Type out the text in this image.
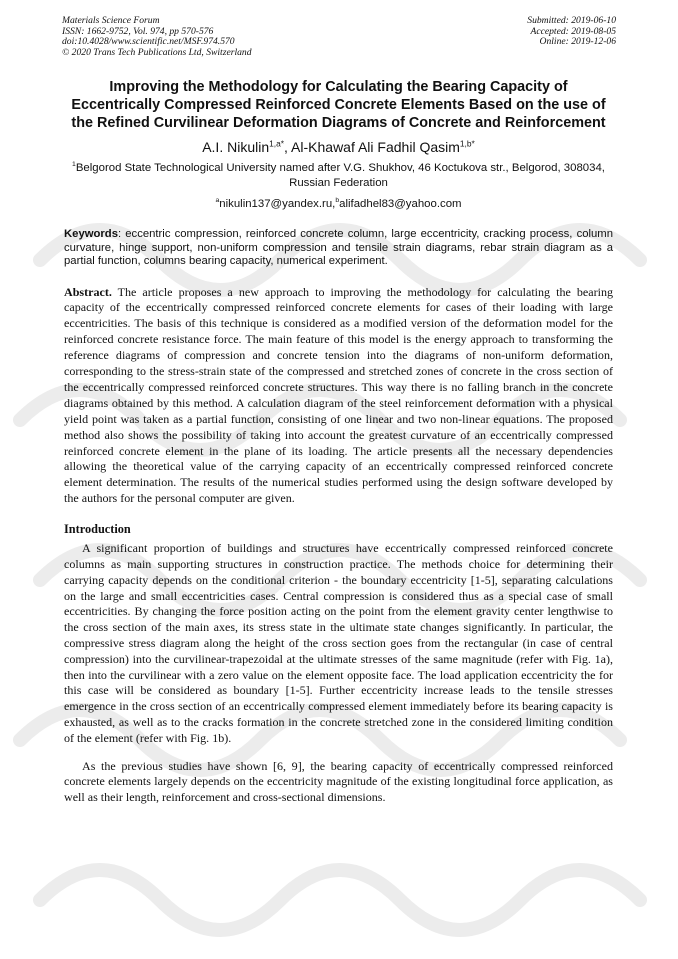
Materials Science Forum
ISSN: 1662-9752, Vol. 974, pp 570-576
doi:10.4028/www.scientific.net/MSF.974.570
© 2020 Trans Tech Publications Ltd, Switzerland
Submitted: 2019-06-10
Accepted: 2019-08-05
Online: 2019-12-06
Improving the Methodology for Calculating the Bearing Capacity of Eccentrically Compressed Reinforced Concrete Elements Based on the use of the Refined Curvilinear Deformation Diagrams of Concrete and Reinforcement
A.I. Nikulin$^{1,a*}$, Al-Khawaf Ali Fadhil Qasim$^{1,b*}$
$^1$Belgorod State Technological University named after V.G. Shukhov, 46 Koctukova str., Belgorod, 308034, Russian Federation
$^a$nikulin137@yandex.ru,$^b$alifadhel83@yahoo.com
Keywords: eccentric compression, reinforced concrete column, large eccentricity, cracking process, column curvature, hinge support, non-uniform compression and tensile strain diagrams, rebar strain diagram as a partial function, columns bearing capacity, numerical experiment.
Abstract. The article proposes a new approach to improving the methodology for calculating the bearing capacity of the eccentrically compressed reinforced concrete elements for cases of their loading with large eccentricities. The basis of this technique is considered as a modified version of the deformation model for the reinforced concrete resistance force. The main feature of this model is the energy approach to transforming the reference diagrams of compression and concrete tension into the diagrams of non-uniform deformation, corresponding to the stress-strain state of the compressed and stretched zones of concrete in the cross section of the eccentrically compressed reinforced concrete structures. This way there is no falling branch in the concrete diagrams obtained by this method. A calculation diagram of the steel reinforcement deformation with a physical yield point was taken as a partial function, consisting of one linear and two non-linear equations. The proposed method also shows the possibility of taking into account the greatest curvature of an eccentrically compressed reinforced concrete element in the plane of its loading. The article presents all the necessary dependencies allowing the theoretical value of the carrying capacity of an eccentrically compressed reinforced concrete element determination. The results of the numerical studies performed using the design software developed by the authors for the personal computer are given.
Introduction

A significant proportion of buildings and structures have eccentrically compressed reinforced concrete columns as main supporting structures in construction practice. The methods choice for determining their carrying capacity depends on the conditional criterion - the boundary eccentricity [1-5], separating calculations on the large and small eccentricities cases. Central compression is considered thus as a special case of small eccentricities. By changing the force position acting on the point from the element gravity center lengthwise to the cross section of the main axes, its stress state in the ultimate state changes significantly. In particular, the compressive stress diagram along the height of the cross section goes from the rectangular (in case of central compression) into the curvilinear-trapezoidal at the ultimate stresses of the same magnitude (refer with Fig. 1a), then into the curvilinear with a zero value on the element opposite face. The load application eccentricity the for this case will be considered as boundary [1-5]. Further eccentricity increase leads to the tensile stresses emergence in the cross section of an eccentrically compressed element immediately before its bearing capacity is exhausted, as well as to the cracks formation in the concrete stretched zone in the considered limiting condition of the element (refer with Fig. 1b).

As the previous studies have shown [6, 9], the bearing capacity of eccentrically compressed reinforced concrete elements largely depends on the eccentricity magnitude of the existing longitudinal force application, as well as their length, reinforcement and cross-sectional dimensions.
